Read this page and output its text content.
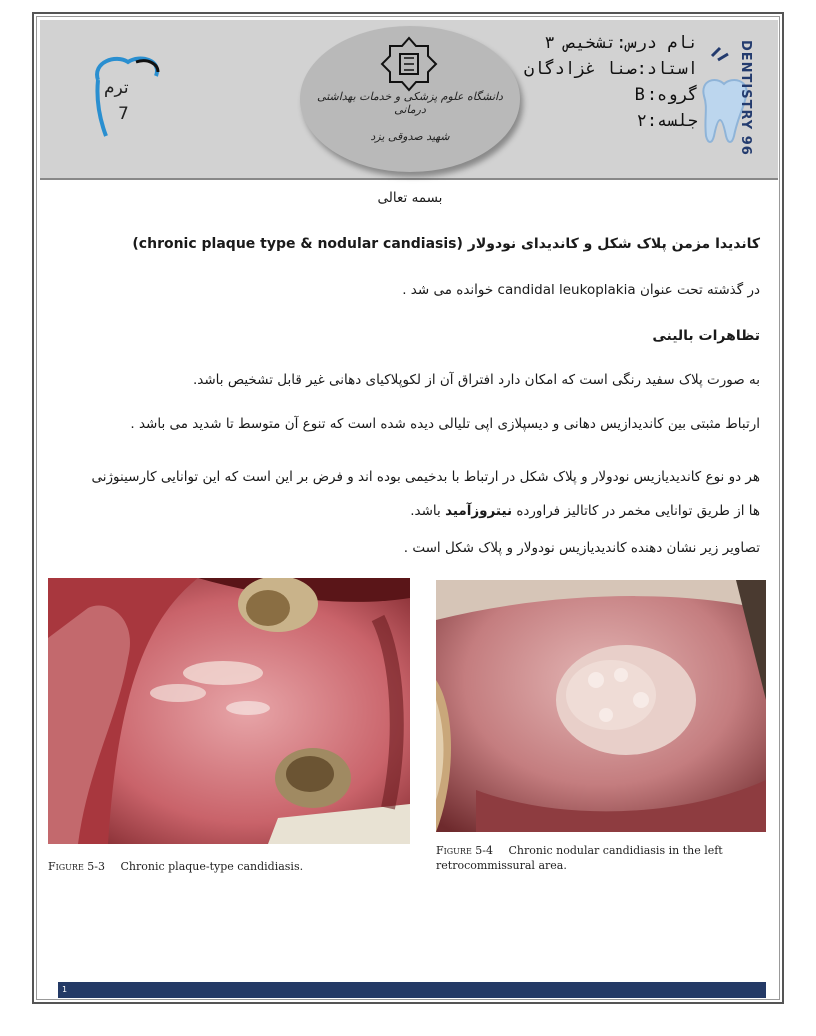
ترم
7
دانشگاه علوم پزشکی و خدمات بهداشتی درمانی
شهید صدوقی یزد
نام درس:تشخیص ۳
استاد:صنا غزادگان
گروه:B
جلسه:۲	DENTISTRY 96
بسمه تعالی
کاندیدا مزمن پلاک شکل و کاندیدای نودولار (chronic plaque type & nodular candiasis)
در گذشته تحت عنوان candidal leukoplakia خوانده می شد .
تظاهرات بالینی
به صورت پلاک سفید رنگی است که امکان دارد افتراق آن از لکوپلاکیای دهانی غیر قابل تشخیص باشد.
ارتباط مثبتی بین کاندیدازیس دهانی و دیسپلازی اپی تلیالی دیده شده است که تنوع آن متوسط تا شدید می باشد .
هر دو نوع کاندیدیازیس نودولار و پلاک شکل در ارتباط با بدخیمی بوده اند و فرض بر این است که این توانایی کارسینوژنی
ها از طریق توانایی مخمر در کاتالیز فراورده نیتروزآمید باشد.
تصاویر زیر نشان دهنده کاندیدیازیس نودولار و پلاک شکل است .
Figure 5-3 Chronic plaque-type candidiasis.
Figure 5-4 Chronic nodular candidiasis in the left retrocommissural area.
1
